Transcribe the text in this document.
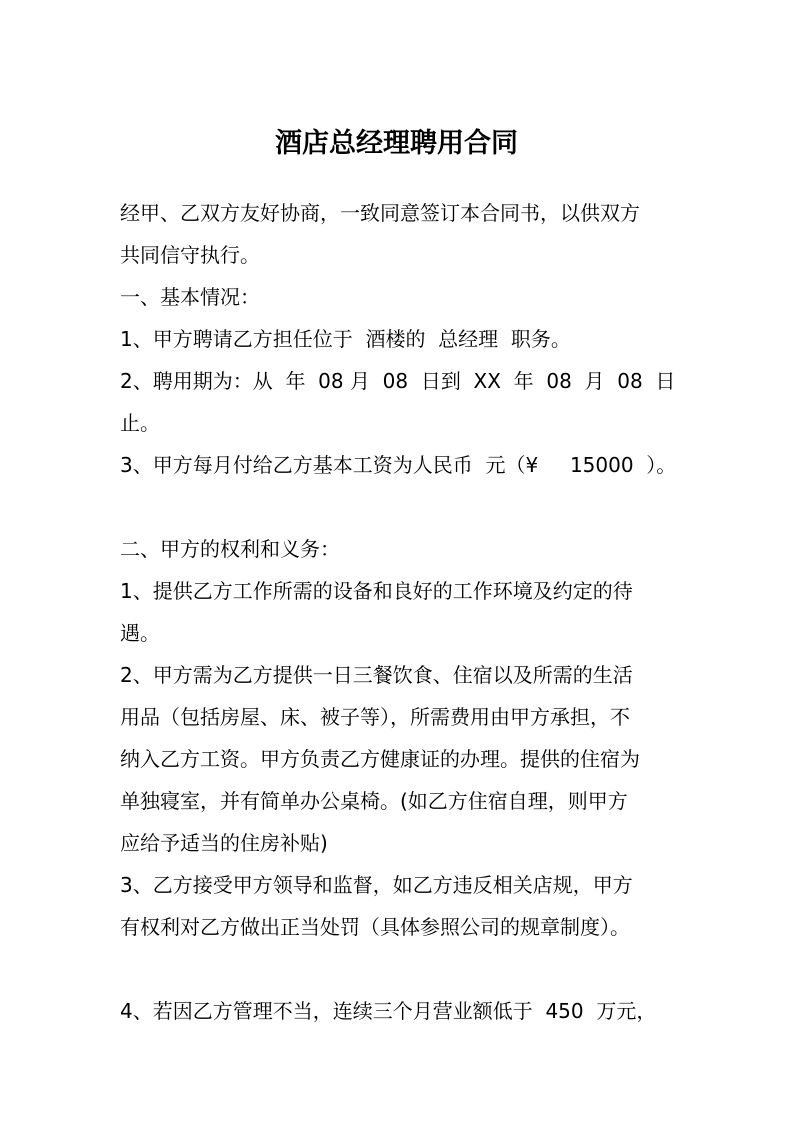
酒店总经理聘用合同
经甲、乙双方友好协商，一致同意签订本合同书，以供双方
共同信守执行。
一、基本情况：
1、甲方聘请乙方担任位于  酒楼的  总经理  职务。
2、聘用期为：从  年  08 月  08  日到  XX  年  08  月  08  日
止。
3、甲方每月付给乙方基本工资为人民币  元（¥     15000  ）。
二、甲方的权利和义务：
1、提供乙方工作所需的设备和良好的工作环境及约定的待
遇。
2、甲方需为乙方提供一日三餐饮食、住宿以及所需的生活
用品（包括房屋、床、被子等），所需费用由甲方承担，不
纳入乙方工资。甲方负责乙方健康证的办理。提供的住宿为
单独寝室，并有简单办公桌椅。(如乙方住宿自理，则甲方
应给予适当的住房补贴)
3、乙方接受甲方领导和监督，如乙方违反相关店规，甲方
有权利对乙方做出正当处罚（具体参照公司的规章制度）。
4、若因乙方管理不当，连续三个月营业额低于  450  万元，
